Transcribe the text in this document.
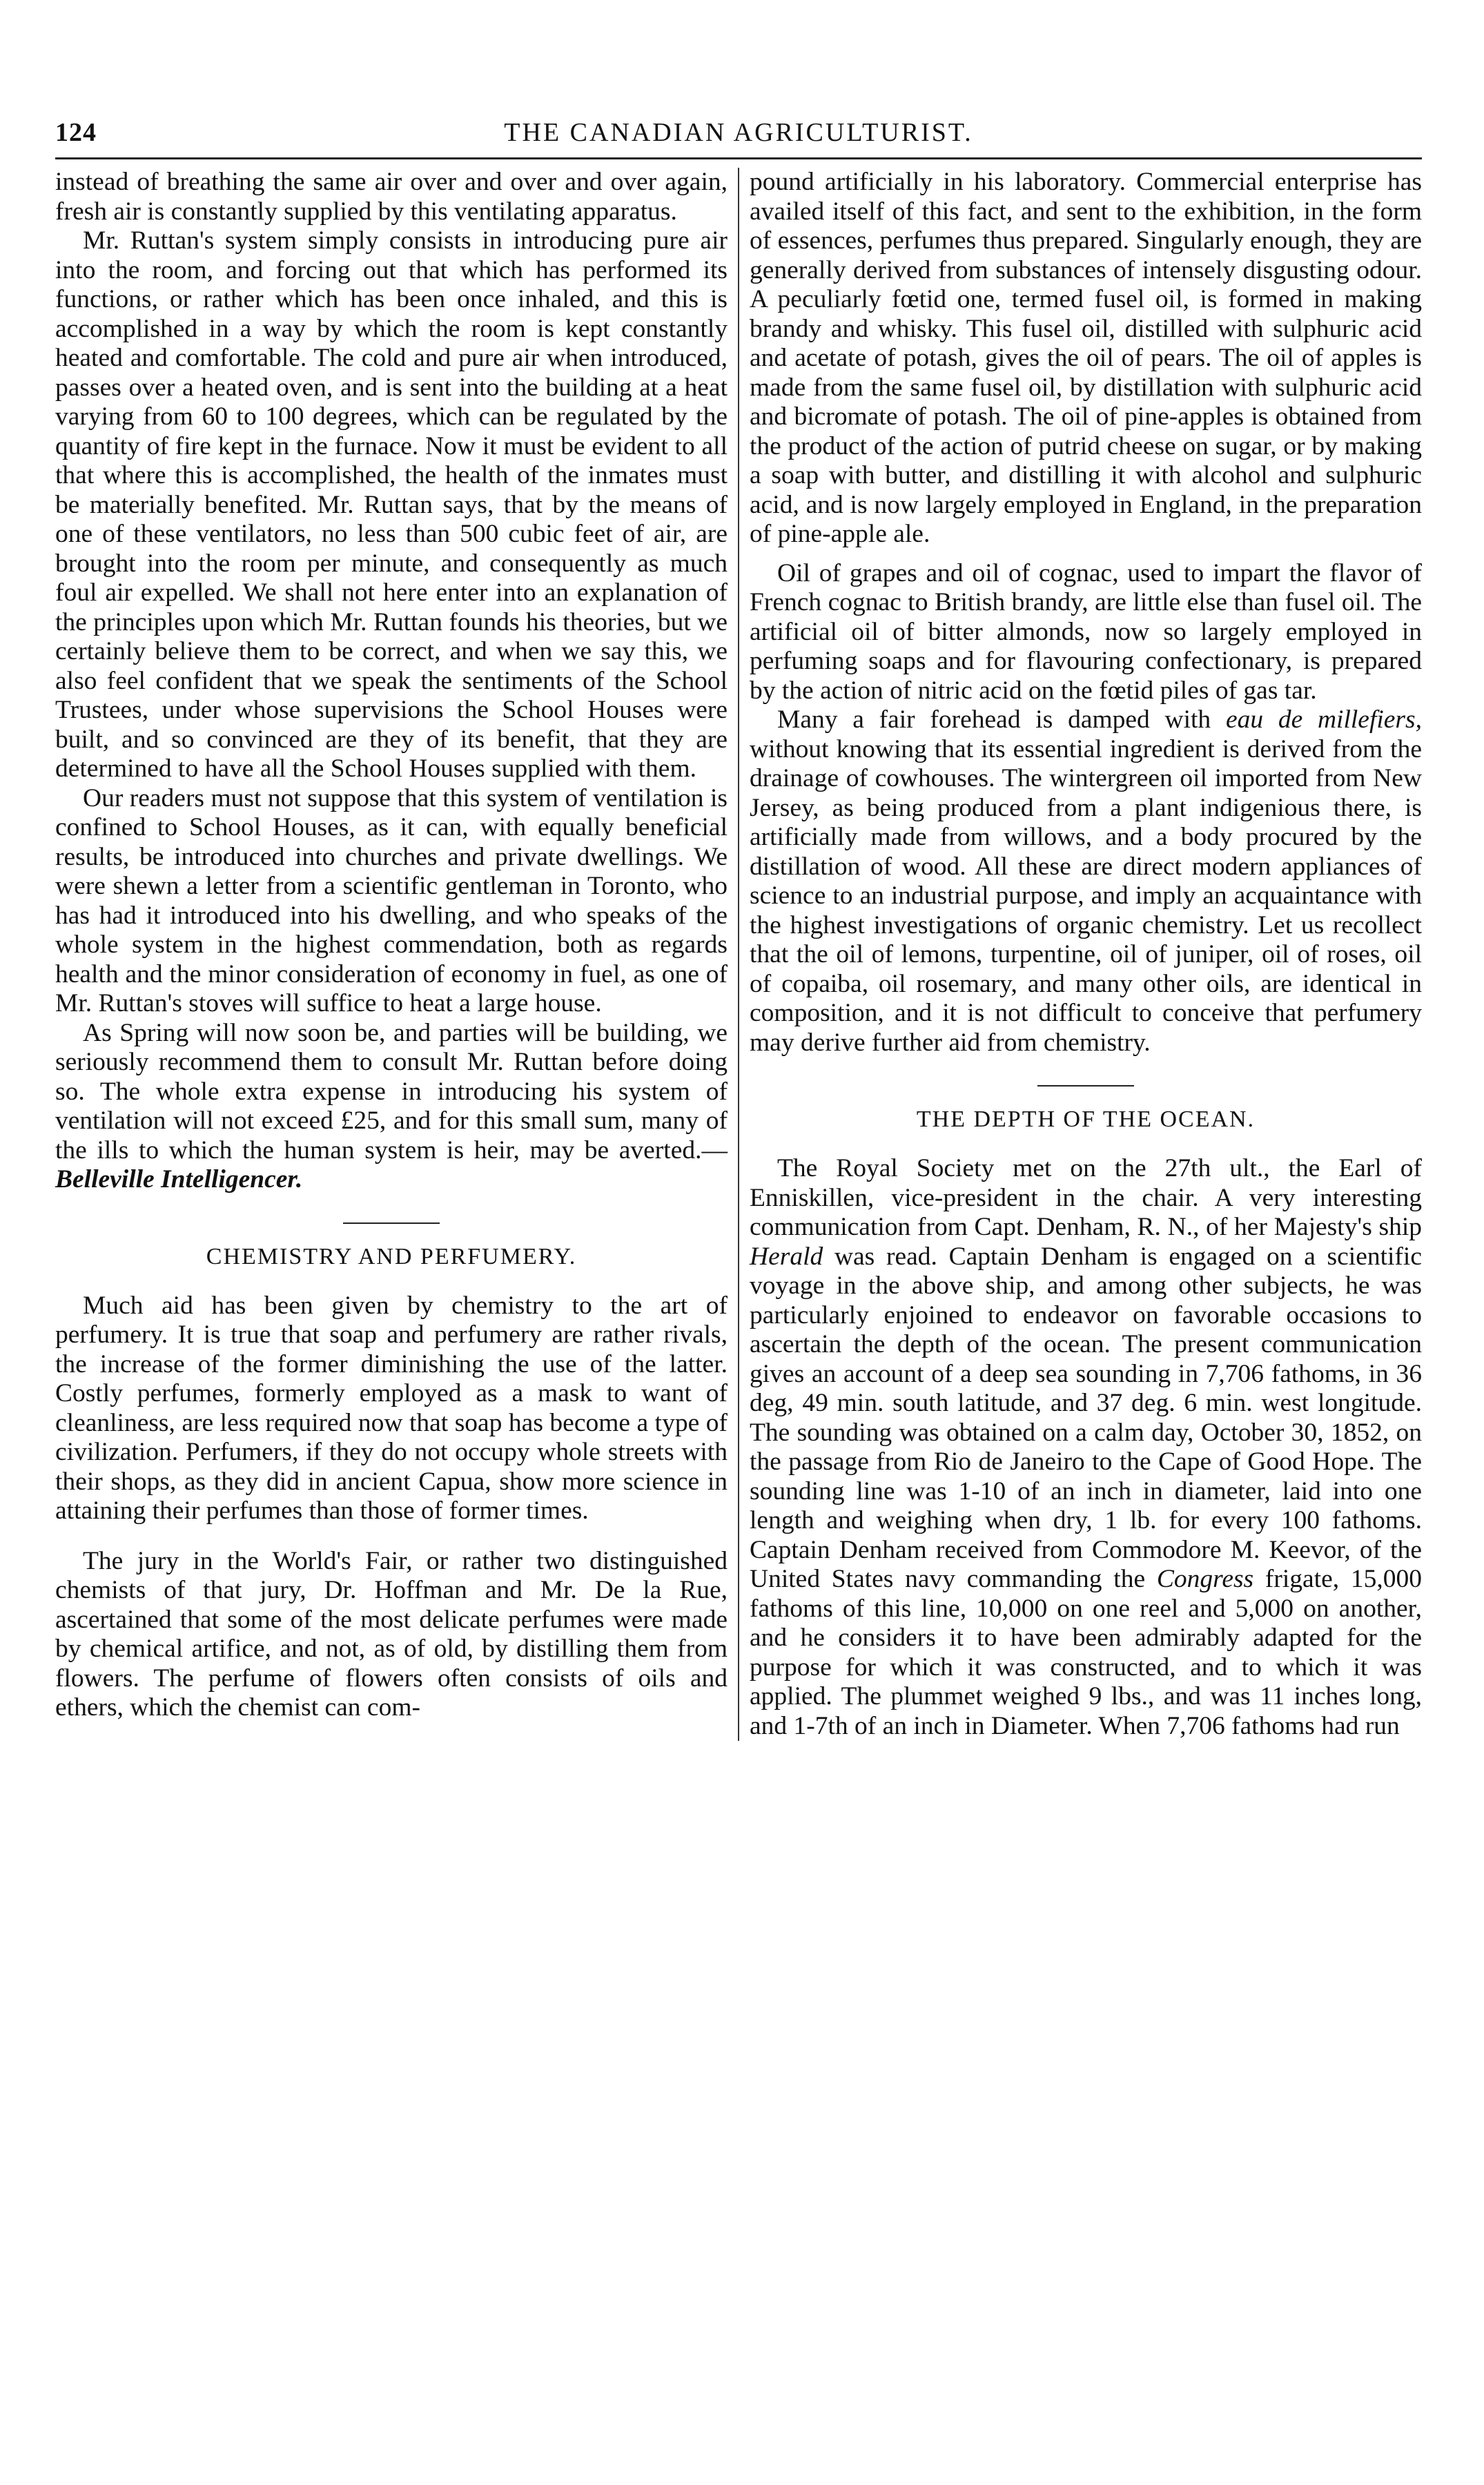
124	THE CANADIAN AGRICULTURIST.

instead of breathing the same air over and over and over again, fresh air is constantly supplied by this ventilating apparatus.

Mr. Ruttan's system simply consists in introducing pure air into the room, and forcing out that which has performed its functions, or rather which has been once inhaled, and this is accomplished in a way by which the room is kept constantly heated and comfortable. The cold and pure air when introduced, passes over a heated oven, and is sent into the building at a heat varying from 60 to 100 degrees, which can be regulated by the quantity of fire kept in the furnace. Now it must be evident to all that where this is accomplished, the health of the inmates must be materially benefited. Mr. Ruttan says, that by the means of one of these ventilators, no less than 500 cubic feet of air, are brought into the room per minute, and consequently as much foul air expelled. We shall not here enter into an explanation of the principles upon which Mr. Ruttan founds his theories, but we certainly believe them to be correct, and when we say this, we also feel confident that we speak the sentiments of the School Trustees, under whose supervisions the School Houses were built, and so convinced are they of its benefit, that they are determined to have all the School Houses supplied with them.

Our readers must not suppose that this system of ventilation is confined to School Houses, as it can, with equally beneficial results, be introduced into churches and private dwellings. We were shewn a letter from a scientific gentleman in Toronto, who has had it introduced into his dwelling, and who speaks of the whole system in the highest commendation, both as regards health and the minor consideration of economy in fuel, as one of Mr. Ruttan's stoves will suffice to heat a large house.

As Spring will now soon be, and parties will be building, we seriously recommend them to consult Mr. Ruttan before doing so. The whole extra expense in introducing his system of ventilation will not exceed £25, and for this small sum, many of the ills to which the human system is heir, may be averted.—Belleville Intelligencer.

CHEMISTRY AND PERFUMERY.

Much aid has been given by chemistry to the art of perfumery. It is true that soap and perfumery are rather rivals, the increase of the former diminishing the use of the latter. Costly perfumes, formerly employed as a mask to want of cleanliness, are less required now that soap has become a type of civilization. Perfumers, if they do not occupy whole streets with their shops, as they did in ancient Capua, show more science in attaining their perfumes than those of former times.

The jury in the World's Fair, or rather two distinguished chemists of that jury, Dr. Hoffman and Mr. De la Rue, ascertained that some of the most delicate perfumes were made by chemical artifice, and not, as of old, by distilling them from flowers. The perfume of flowers often consists of oils and ethers, which the chemist can com-

pound artificially in his laboratory. Commercial enterprise has availed itself of this fact, and sent to the exhibition, in the form of essences, perfumes thus prepared. Singularly enough, they are generally derived from substances of intensely disgusting odour. A peculiarly fœtid one, termed fusel oil, is formed in making brandy and whisky. This fusel oil, distilled with sulphuric acid and acetate of potash, gives the oil of pears. The oil of apples is made from the same fusel oil, by distillation with sulphuric acid and bicromate of potash. The oil of pine-apples is obtained from the product of the action of putrid cheese on sugar, or by making a soap with butter, and distilling it with alcohol and sulphuric acid, and is now largely employed in England, in the preparation of pine-apple ale.

Oil of grapes and oil of cognac, used to impart the flavor of French cognac to British brandy, are little else than fusel oil. The artificial oil of bitter almonds, now so largely employed in perfuming soaps and for flavouring confectionary, is prepared by the action of nitric acid on the fœtid piles of gas tar.

Many a fair forehead is damped with eau de millefiers, without knowing that its essential ingredient is derived from the drainage of cowhouses. The wintergreen oil imported from New Jersey, as being produced from a plant indigenious there, is artificially made from willows, and a body procured by the distillation of wood. All these are direct modern appliances of science to an industrial purpose, and imply an acquaintance with the highest investigations of organic chemistry. Let us recollect that the oil of lemons, turpentine, oil of juniper, oil of roses, oil of copaiba, oil rosemary, and many other oils, are identical in composition, and it is not difficult to conceive that perfumery may derive further aid from chemistry.

THE DEPTH OF THE OCEAN.

The Royal Society met on the 27th ult., the Earl of Enniskillen, vice-president in the chair. A very interesting communication from Capt. Denham, R. N., of her Majesty's ship Herald was read. Captain Denham is engaged on a scientific voyage in the above ship, and among other subjects, he was particularly enjoined to endeavor on favorable occasions to ascertain the depth of the ocean. The present communication gives an account of a deep sea sounding in 7,706 fathoms, in 36 deg, 49 min. south latitude, and 37 deg. 6 min. west longitude. The sounding was obtained on a calm day, October 30, 1852, on the passage from Rio de Janeiro to the Cape of Good Hope. The sounding line was 1-10 of an inch in diameter, laid into one length and weighing when dry, 1 lb. for every 100 fathoms. Captain Denham received from Commodore M. Keevor, of the United States navy commanding the Congress frigate, 15,000 fathoms of this line, 10,000 on one reel and 5,000 on another, and he considers it to have been admirably adapted for the purpose for which it was constructed, and to which it was applied. The plummet weighed 9 lbs., and was 11 inches long, and 1-7th of an inch in Diameter. When 7,706 fathoms had run
